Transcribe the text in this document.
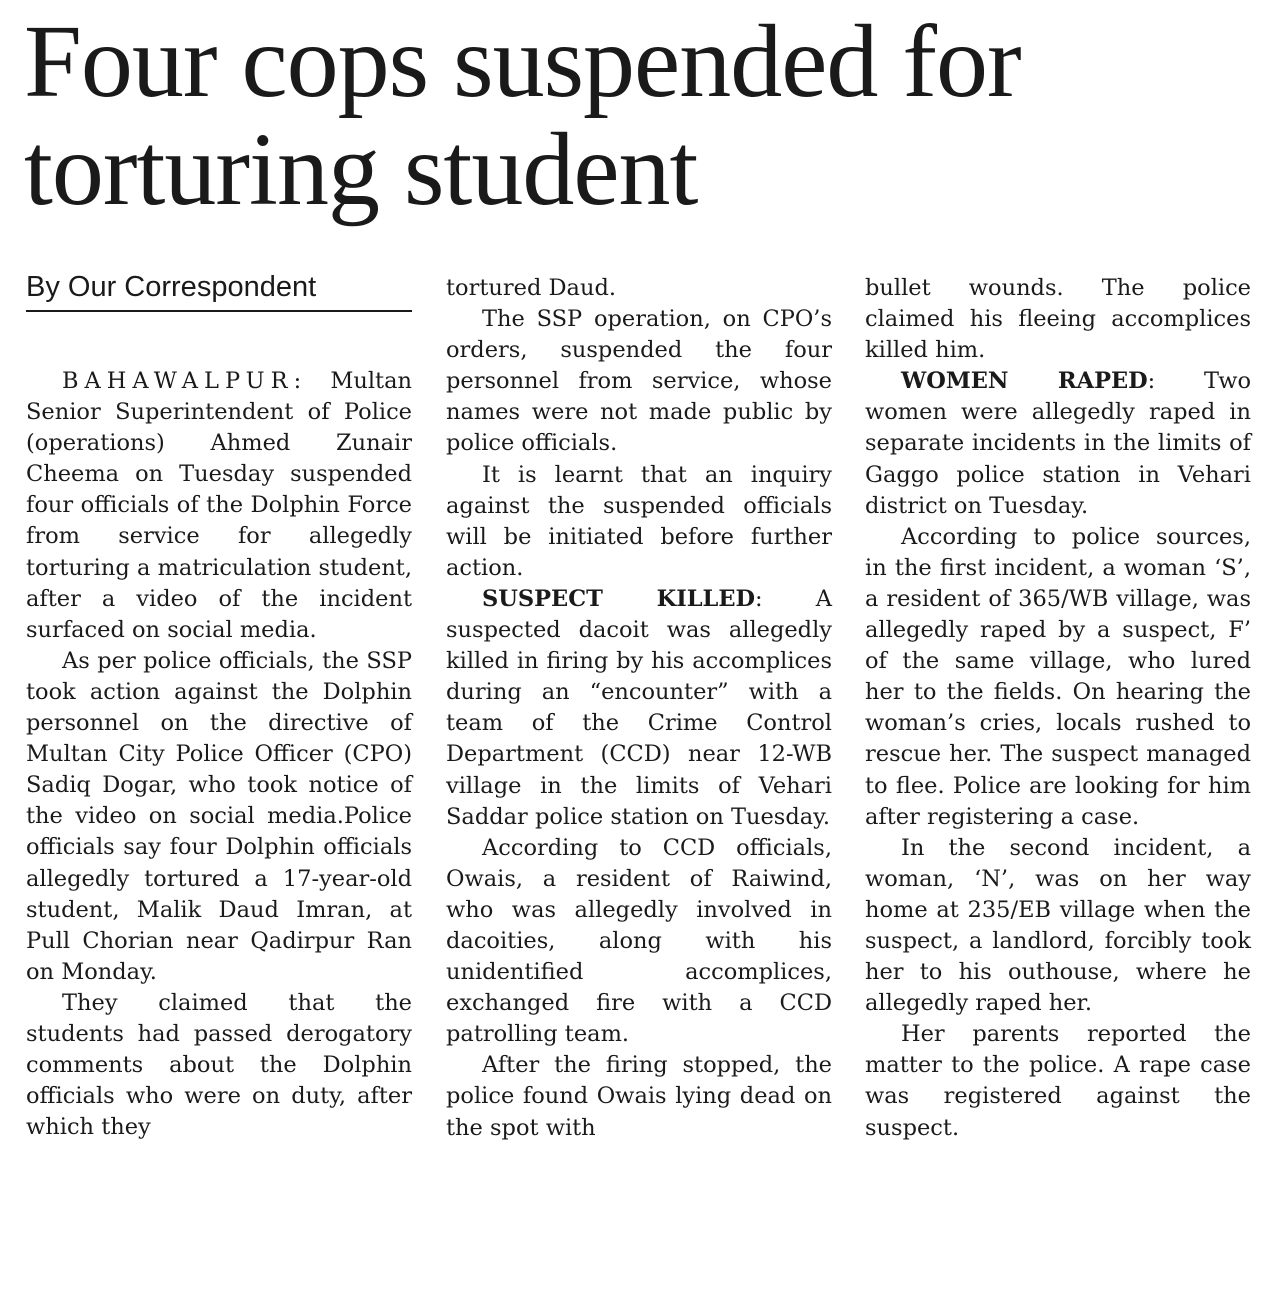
Four cops suspended for torturing student
By Our Correspondent

BAHAWALPUR: Multan Senior Superintendent of Police (operations) Ahmed Zunair Cheema on Tuesday suspended four officials of the Dolphin Force from service for allegedly torturing a matriculation student, after a video of the incident surfaced on social media.

As per police officials, the SSP took action against the Dolphin personnel on the directive of Multan City Police Officer (CPO) Sadiq Dogar, who took notice of the video on social media.Police officials say four Dolphin officials allegedly tortured a 17-year-old student, Malik Daud Imran, at Pull Chorian near Qadirpur Ran on Monday.

They claimed that the students had passed derogatory comments about the Dolphin officials who were on duty, after which they

tortured Daud.

The SSP operation, on CPO’s orders, suspended the four personnel from service, whose names were not made public by police officials.

It is learnt that an inquiry against the suspended officials will be initiated before further action.

SUSPECT KILLED: A suspected dacoit was allegedly killed in firing by his accomplices during an “encounter” with a team of the Crime Control Department (CCD) near 12-WB village in the limits of Vehari Saddar police station on Tuesday.

According to CCD officials, Owais, a resident of Raiwind, who was allegedly involved in dacoities, along with his unidentified accomplices, exchanged fire with a CCD patrolling team.

After the firing stopped, the police found Owais lying dead on the spot with

bullet wounds. The police claimed his fleeing accomplices killed him.

WOMEN RAPED: Two women were allegedly raped in separate incidents in the limits of Gaggo police station in Vehari district on Tuesday.

According to police sources, in the first incident, a woman ‘S’, a resident of 365/WB village, was allegedly raped by a suspect, F’ of the same village, who lured her to the fields. On hearing the woman’s cries, locals rushed to rescue her. The suspect managed to flee. Police are looking for him after registering a case.

In the second incident, a woman, ‘N’, was on her way home at 235/EB village when the suspect, a landlord, forcibly took her to his outhouse, where he allegedly raped her.

Her parents reported the matter to the police. A rape case was registered against the suspect.
